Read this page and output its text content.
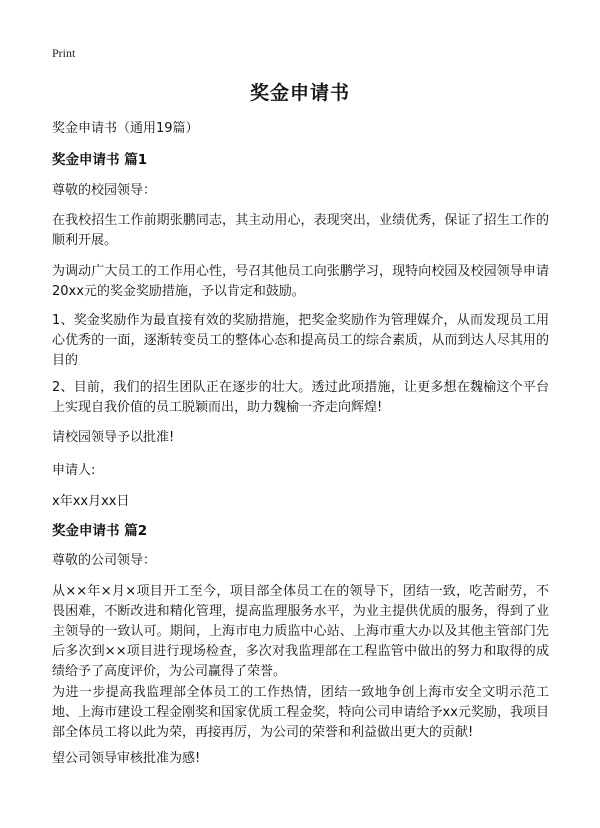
Print
奖金申请书
奖金申请书（通用19篇）
奖金申请书 篇1
尊敬的校园领导：
在我校招生工作前期张鹏同志，其主动用心，表现突出，业绩优秀，保证了招生工作的顺利开展。
为调动广大员工的工作用心性，号召其他员工向张鹏学习，现特向校园及校园领导申请20xx元的奖金奖励措施，予以肯定和鼓励。
1、奖金奖励作为最直接有效的奖励措施，把奖金奖励作为管理媒介，从而发现员工用心优秀的一面，逐渐转变员工的整体心态和提高员工的综合素质，从而到达人尽其用的目的
2、目前，我们的招生团队正在逐步的壮大。透过此项措施，让更多想在魏榆这个平台上实现自我价值的员工脱颖而出，助力魏榆一齐走向辉煌!
请校园领导予以批准!
申请人:
x年xx月xx日
奖金申请书 篇2
尊敬的公司领导：
从××年×月×项目开工至今，项目部全体员工在的领导下，团结一致，吃苦耐劳，不畏困难，不断改进和精化管理，提高监理服务水平，为业主提供优质的服务，得到了业主领导的一致认可。期间，上海市电力质监中心站、上海市重大办以及其他主管部门先后多次到××项目进行现场检查，多次对我监理部在工程监管中做出的努力和取得的成绩给予了高度评价，为公司赢得了荣誉。
为进一步提高我监理部全体员工的工作热情，团结一致地争创上海市安全文明示范工地、上海市建设工程金刚奖和国家优质工程金奖，特向公司申请给予xx元奖励，我项目部全体员工将以此为荣，再接再厉，为公司的荣誉和利益做出更大的贡献!
望公司领导审核批准为感!
